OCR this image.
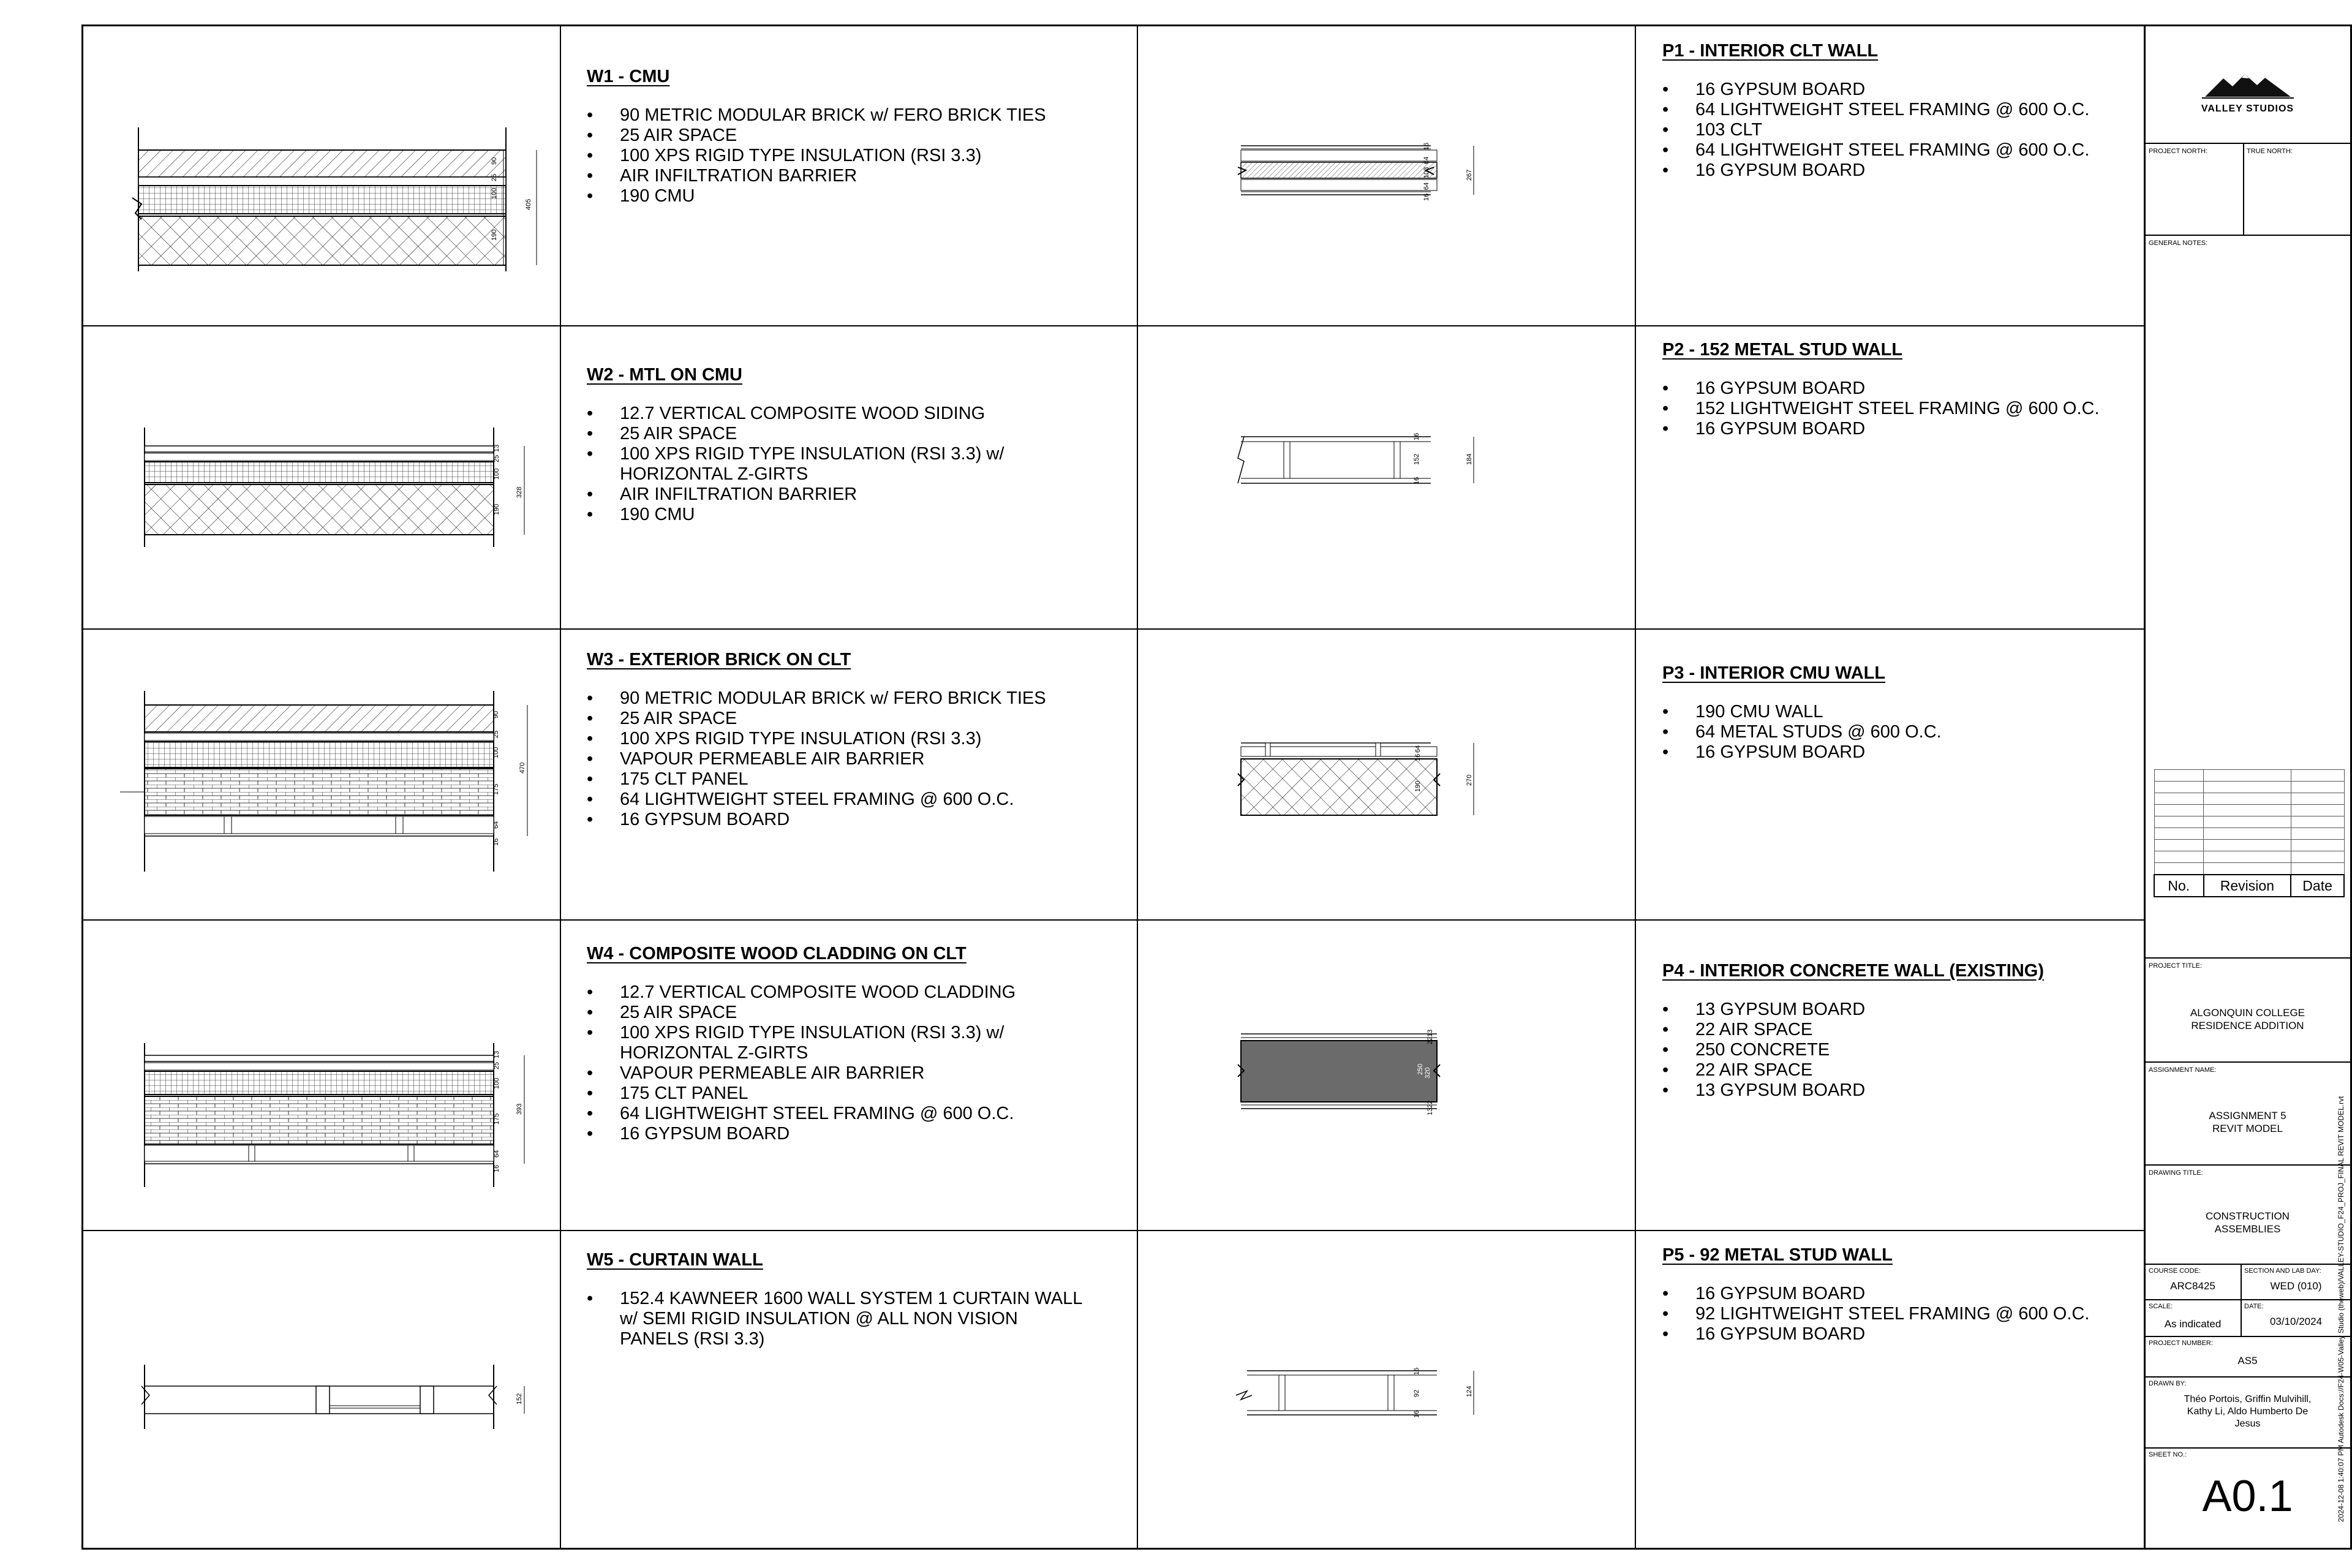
90
25
100
190
405
W1 - CMU
• 90 METRIC MODULAR BRICK w/ FERO BRICK TIES
• 25 AIR SPACE
• 100 XPS RIGID TYPE INSULATION (RSI 3.3)
• AIR INFILTRATION BARRIER
• 190 CMU
16
64
103
64
16
267
P1 - INTERIOR CLT WALL
• 16 GYPSUM BOARD
• 64 LIGHTWEIGHT STEEL FRAMING @ 600 O.C.
• 103 CLT
• 64 LIGHTWEIGHT STEEL FRAMING @ 600 O.C.
• 16 GYPSUM BOARD
13
25
100
190
328
W2 - MTL ON CMU
• 12.7 VERTICAL COMPOSITE WOOD SIDING
• 25 AIR SPACE
• 100 XPS RIGID TYPE INSULATION (RSI 3.3) w/
HORIZONTAL Z-GIRTS
• AIR INFILTRATION BARRIER
• 190 CMU
16
152
16
184
P2 - 152 METAL STUD WALL
• 16 GYPSUM BOARD
• 152 LIGHTWEIGHT STEEL FRAMING @ 600 O.C.
• 16 GYPSUM BOARD
90
25
100
175
64
16
470
W3 - EXTERIOR BRICK ON CLT
• 90 METRIC MODULAR BRICK w/ FERO BRICK TIES
• 25 AIR SPACE
• 100 XPS RIGID TYPE INSULATION (RSI 3.3)
• VAPOUR PERMEABLE AIR BARRIER
• 175 CLT PANEL
• 64 LIGHTWEIGHT STEEL FRAMING @ 600 O.C.
• 16 GYPSUM BOARD
64
16
190
270
P3 - INTERIOR CMU WALL
• 190 CMU WALL
• 64 METAL STUDS @ 600 O.C.
• 16 GYPSUM BOARD
13
25
100
175
64
16
393
W4 - COMPOSITE WOOD CLADDING ON CLT
• 12.7 VERTICAL COMPOSITE WOOD CLADDING
• 25 AIR SPACE
• 100 XPS RIGID TYPE INSULATION (RSI 3.3) w/
HORIZONTAL Z-GIRTS
• VAPOUR PERMEABLE AIR BARRIER
• 175 CLT PANEL
• 64 LIGHTWEIGHT STEEL FRAMING @ 600 O.C.
• 16 GYPSUM BOARD
13
22
250
22
13
320
P4 - INTERIOR CONCRETE WALL (EXISTING)
• 13 GYPSUM BOARD
• 22 AIR SPACE
• 250 CONCRETE
• 22 AIR SPACE
• 13 GYPSUM BOARD
152
W5 - CURTAIN WALL
• 152.4 KAWNEER 1600 WALL SYSTEM 1 CURTAIN WALL
w/ SEMI RIGID INSULATION @ ALL NON VISION
PANELS (RSI 3.3)
16
92
16
124
P5 - 92 METAL STUD WALL
• 16 GYPSUM BOARD
• 92 LIGHTWEIGHT STEEL FRAMING @ 600 O.C.
• 16 GYPSUM BOARD
VALLEY STUDIOS
PROJECT NORTH:	TRUE NORTH:
GENERAL NOTES:

No.	Revision	Date
PROJECT TITLE:
ALGONQUIN COLLEGE
RESIDENCE ADDITION
ASSIGNMENT NAME:
ASSIGNMENT 5
REVIT MODEL
DRAWING TITLE:
CONSTRUCTION
ASSEMBLIES
COURSE CODE:	SECTION AND LAB DAY:
ARC8425	WED (010)
SCALE:	DATE:
As indicated	03/10/2024
PROJECT NUMBER:
AS5
DRAWN BY:
Théo Portois, Griffin Mulvihill,
Kathy Li, Aldo Humberto De
Jesus
SHEET NO.:
A0.1	2024-12-08 1:40:07 PM Autodesk Docs://F24-W05-Valley Studio (theweb)/VALLEY-STUDIO_F24_PROJ_FINAL REVIT MODEL.rvt
